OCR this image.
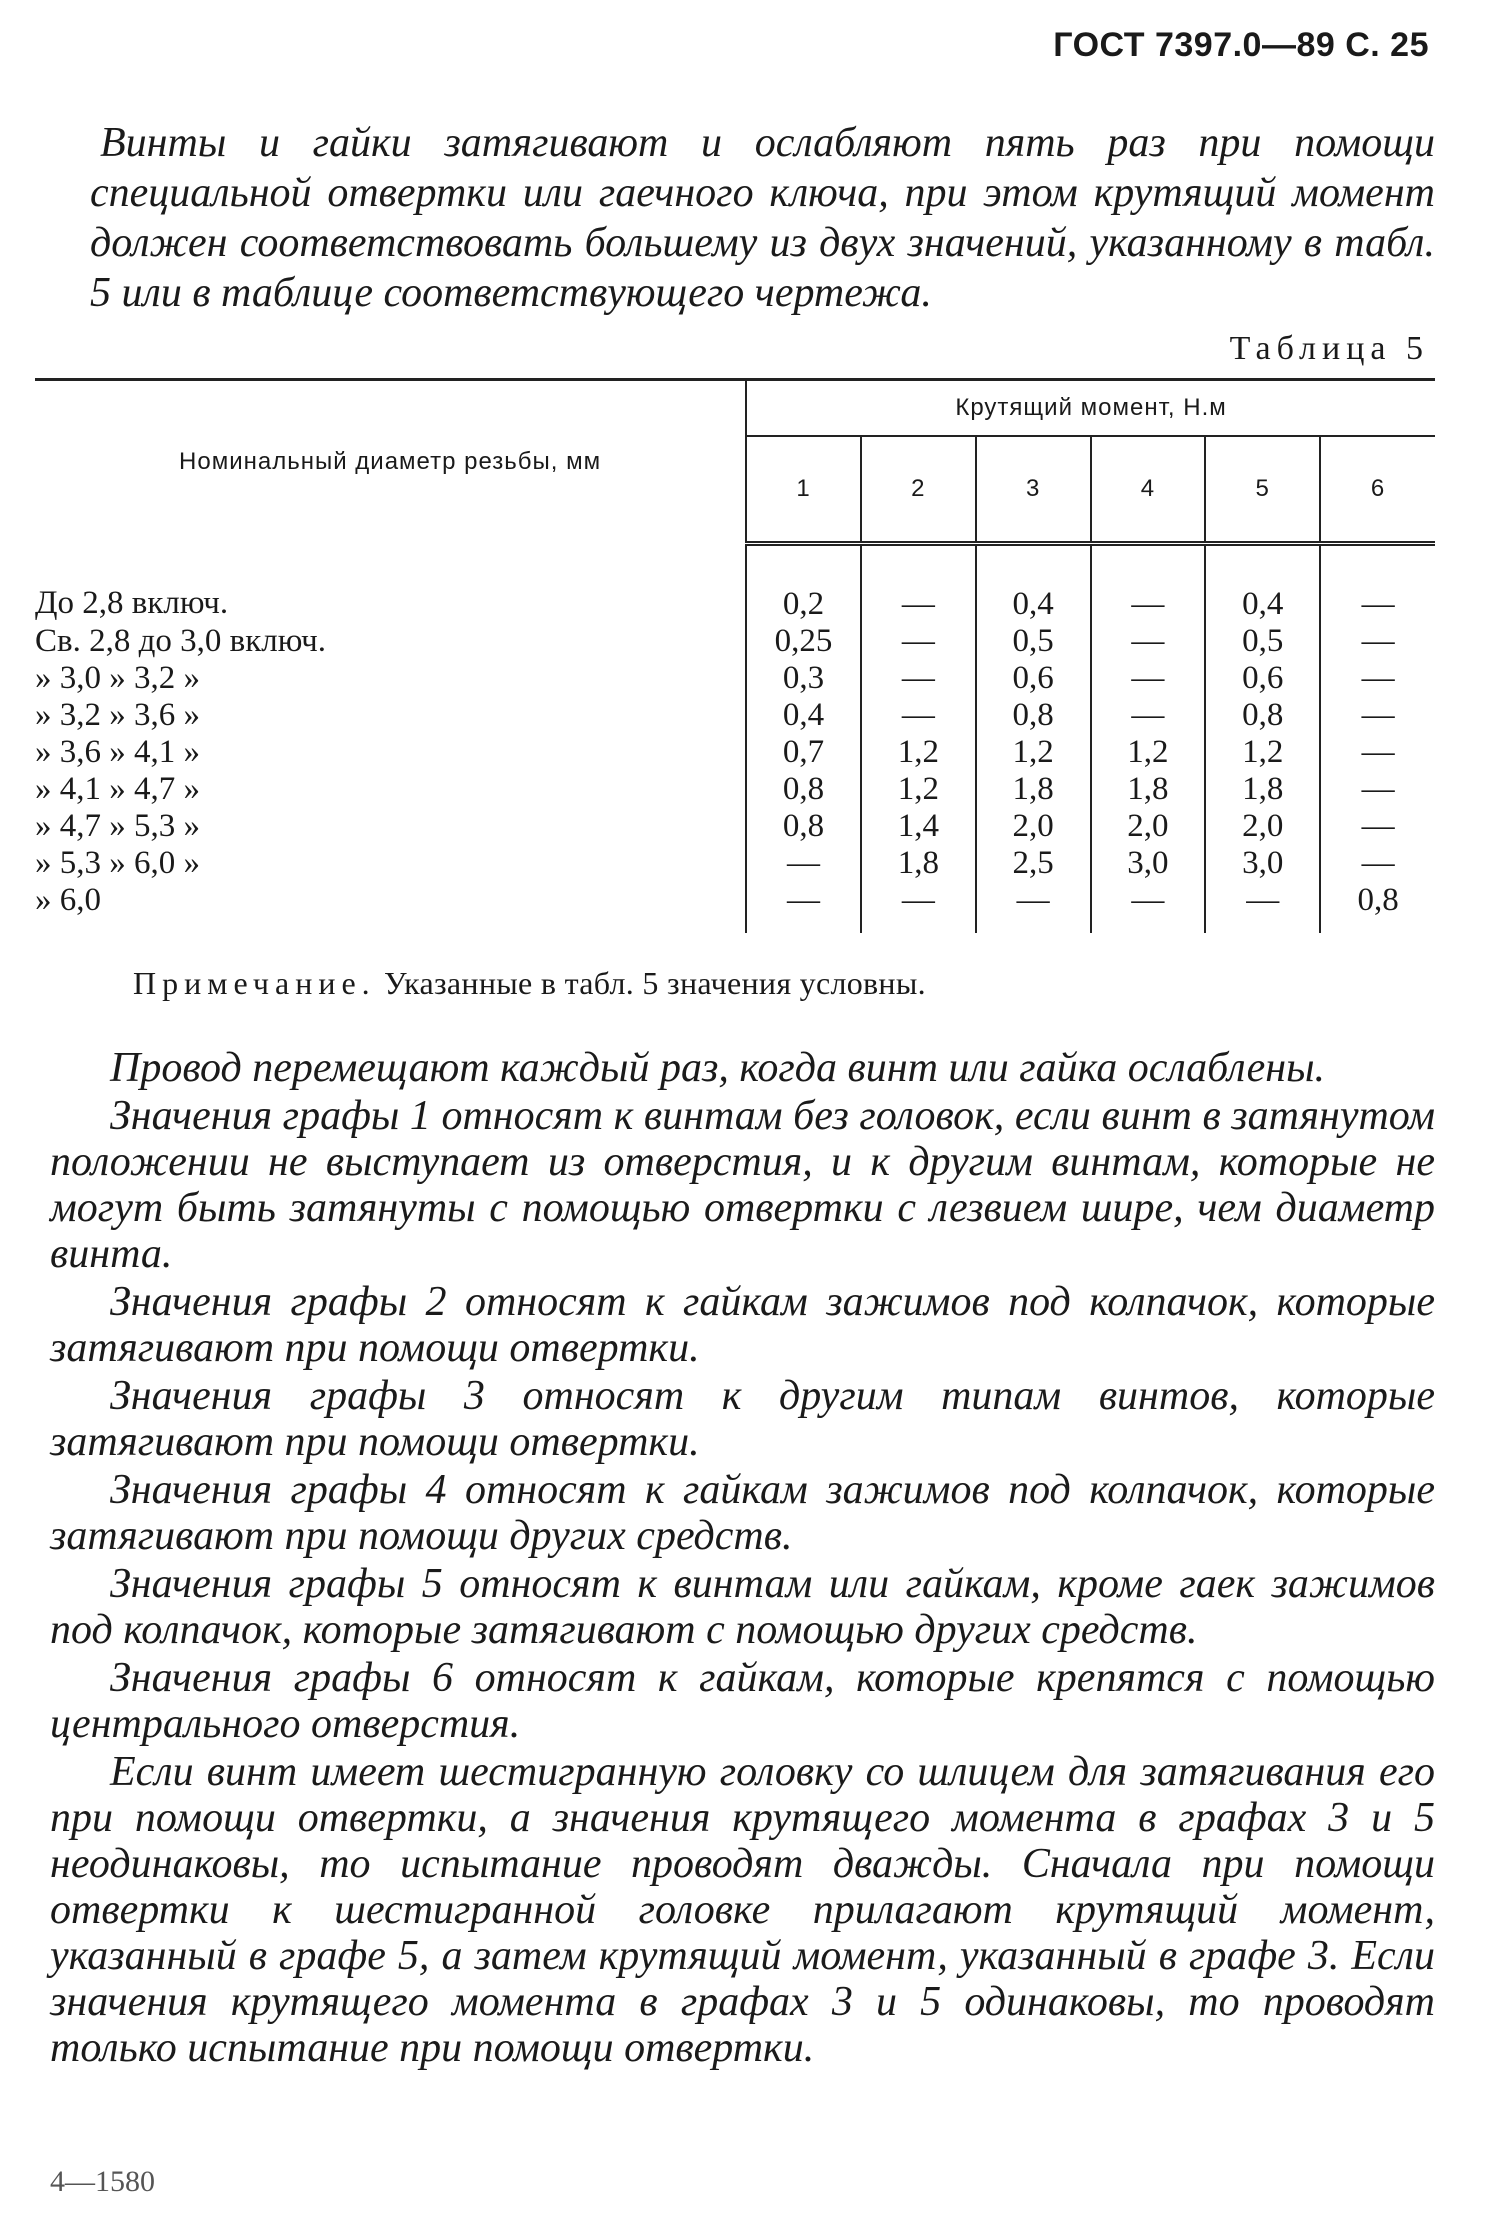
ГОСТ 7397.0—89 С. 25
Винты и гайки затягивают и ослабляют пять раз при помощи специальной отвертки или гаечного ключа, при этом крутящий момент должен соответствовать большему из двух значений, указанному в табл. 5 или в таблице соответствующего чертежа.
Таблица 5
Номинальный диаметр резьбы, мм	Крутящий момент, Н.м					
	1	2	3	4	5	6
До 2,8 включ.	0,2	—	0,4	—	0,4	—
Св. 2,8 до 3,0 включ.	0,25	—	0,5	—	0,5	—
» 3,0 » 3,2 »	0,3	—	0,6	—	0,6	—
» 3,2 » 3,6 »	0,4	—	0,8	—	0,8	—
» 3,6 » 4,1 »	0,7	1,2	1,2	1,2	1,2	—
» 4,1 » 4,7 »	0,8	1,2	1,8	1,8	1,8	—
» 4,7 » 5,3 »	0,8	1,4	2,0	2,0	2,0	—
» 5,3 » 6,0 »	—	1,8	2,5	3,0	3,0	—
» 6,0	—	—	—	—	—	0,8
Примечание. Указанные в табл. 5 значения условны.

Провод перемещают каждый раз, когда винт или гайка ослаблены.

Значения графы 1 относят к винтам без головок, если винт в затянутом положении не выступает из отверстия, и к другим винтам, которые не могут быть затянуты с помощью отвертки с лезвием шире, чем диаметр винта.

Значения графы 2 относят к гайкам зажимов под колпачок, которые затягивают при помощи отвертки.

Значения графы 3 относят к другим типам винтов, которые затягивают при помощи отвертки.

Значения графы 4 относят к гайкам зажимов под колпачок, которые затягивают при помощи других средств.

Значения графы 5 относят к винтам или гайкам, кроме гаек зажимов под колпачок, которые затягивают с помощью других средств.

Значения графы 6 относят к гайкам, которые крепятся с помощью центрального отверстия.

Если винт имеет шестигранную головку со шлицем для затягивания его при помощи отвертки, а значения крутящего момента в графах 3 и 5 неодинаковы, то испытание проводят дважды. Сначала при помощи отвертки к шестигранной головке прилагают крутящий момент, указанный в графе 5, а затем крутящий момент, указанный в графе 3. Если значения крутящего момента в графах 3 и 5 одинаковы, то проводят только испытание при помощи отвертки.

4—1580
